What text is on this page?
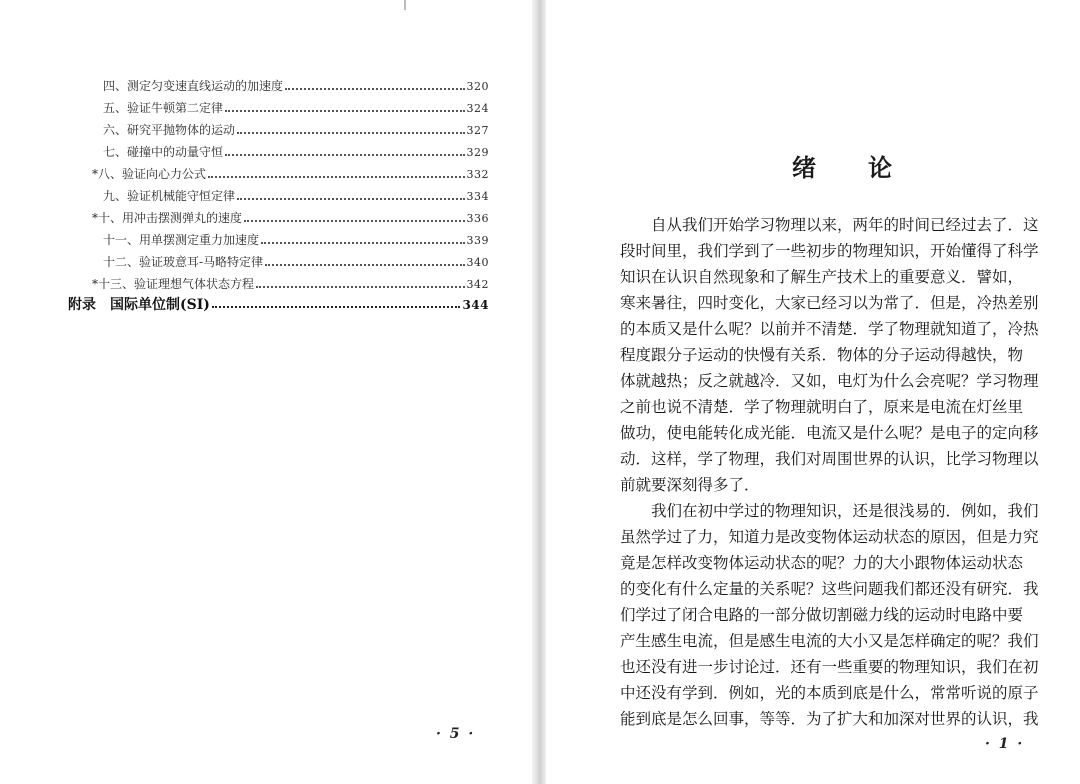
四、测定匀变速直线运动的加速度	320
五、验证牛顿第二定律	324
六、研究平抛物体的运动	327
七、碰撞中的动量守恒	329
*八、验证向心力公式	332
九、验证机械能守恒定律	334
*十、用冲击摆测弹丸的速度	336
十一、用单摆测定重力加速度	339
十二、验证玻意耳-马略特定律	340
*十三、验证理想气体状态方程	342
附录　国际单位制(SI)	344
· 5 ·
绪 论
自从我们开始学习物理以来，两年的时间已经过去了．这
段时间里，我们学到了一些初步的物理知识，开始懂得了科学
知识在认识自然现象和了解生产技术上的重要意义．譬如，
寒来暑往，四时变化，大家已经习以为常了．但是，冷热差别
的本质又是什么呢？以前并不清楚．学了物理就知道了，冷热
程度跟分子运动的快慢有关系．物体的分子运动得越快，物
体就越热；反之就越冷．又如，电灯为什么会亮呢？学习物理
之前也说不清楚．学了物理就明白了，原来是电流在灯丝里
做功，使电能转化成光能．电流又是什么呢？是电子的定向移
动．这样，学了物理，我们对周围世界的认识，比学习物理以
前就要深刻得多了．
我们在初中学过的物理知识，还是很浅易的．例如，我们
虽然学过了力，知道力是改变物体运动状态的原因，但是力究
竟是怎样改变物体运动状态的呢？力的大小跟物体运动状态
的变化有什么定量的关系呢？这些问题我们都还没有研究．我
们学过了闭合电路的一部分做切割磁力线的运动时电路中要
产生感生电流，但是感生电流的大小又是怎样确定的呢？我们
也还没有进一步讨论过．还有一些重要的物理知识，我们在初
中还没有学到．例如，光的本质到底是什么，常常听说的原子
能到底是怎么回事，等等．为了扩大和加深对世界的认识，我
· 1 ·
